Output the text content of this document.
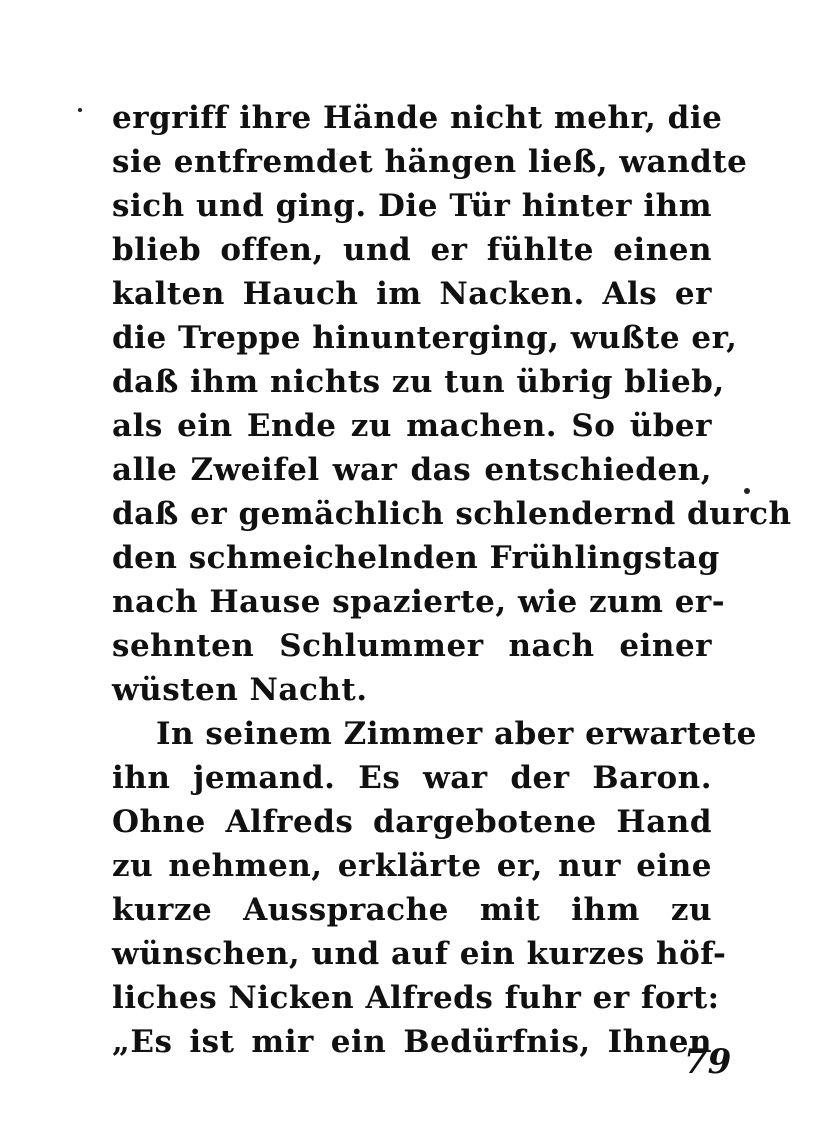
ergriff ihre Hände nicht mehr, die
sie entfremdet hängen ließ, wandte
sich und ging. Die Tür hinter ihm
blieb offen, und er fühlte einen
kalten Hauch im Nacken. Als er
die Treppe hinunterging, wußte er,
daß ihm nichts zu tun übrig blieb,
als ein Ende zu machen. So über
alle Zweifel war das entschieden,
daß er gemächlich schlendernd durch
den schmeichelnden Frühlingstag
nach Hause spazierte, wie zum er-
sehnten Schlummer nach einer
wüsten Nacht.
In seinem Zimmer aber erwartete
ihn jemand. Es war der Baron.
Ohne Alfreds dargebotene Hand
zu nehmen, erklärte er, nur eine
kurze Aussprache mit ihm zu
wünschen, und auf ein kurzes höf-
liches Nicken Alfreds fuhr er fort:
„Es ist mir ein Bedürfnis, Ihnen
79
